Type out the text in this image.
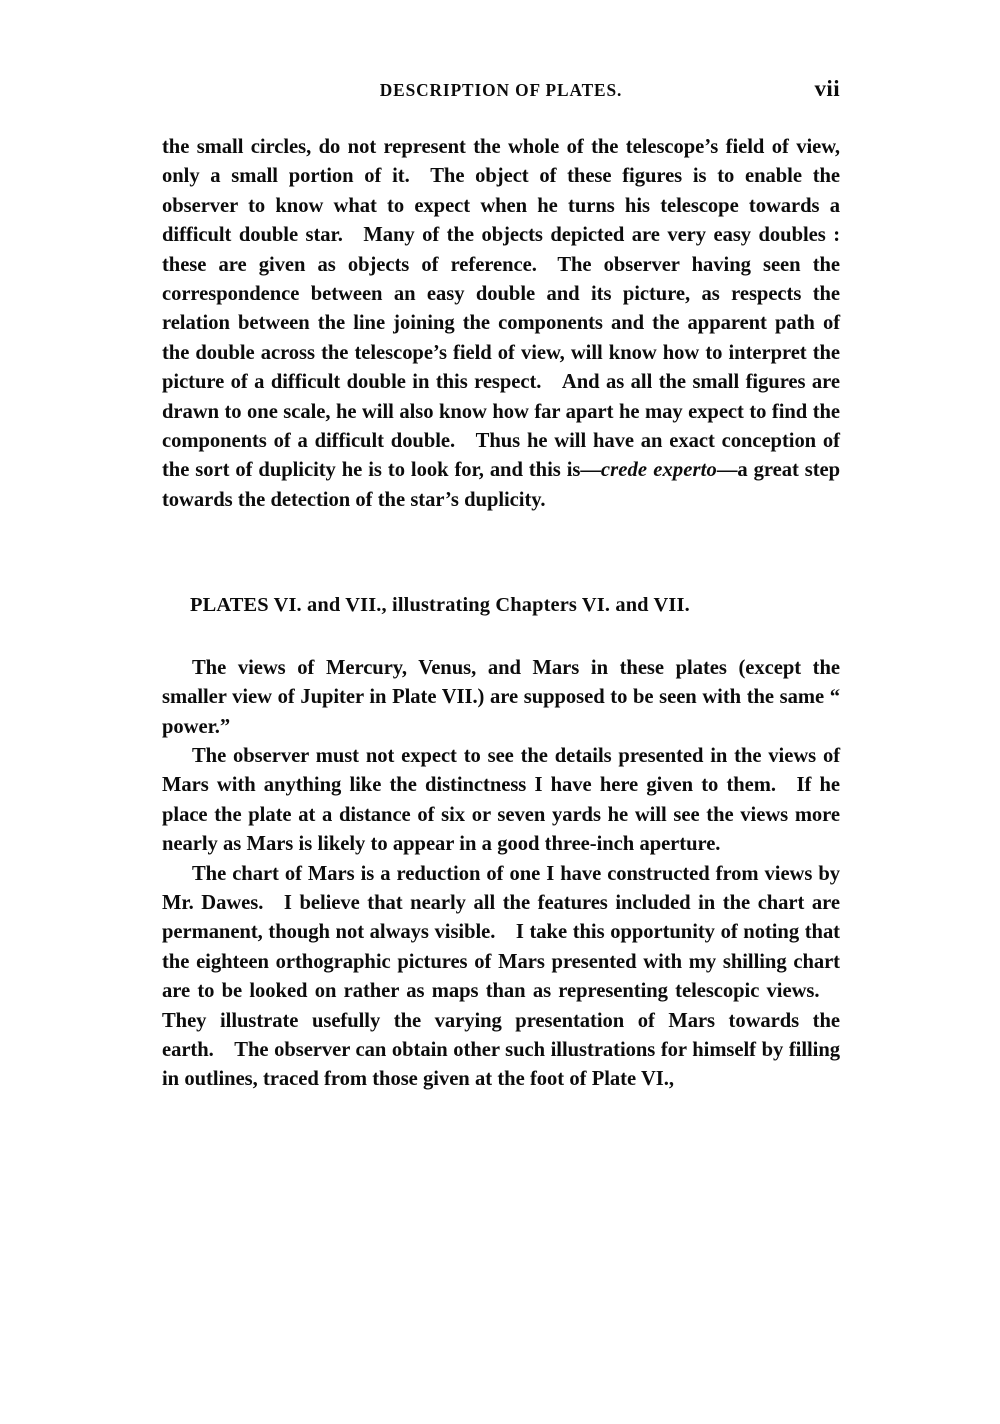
DESCRIPTION OF PLATES.	vii

the small circles, do not represent the whole of the telescope’s field of view, only a small portion of it. The object of these figures is to enable the observer to know what to expect when he turns his telescope towards a difficult double star. Many of the objects depicted are very easy doubles : these are given as objects of reference. The observer having seen the correspondence between an easy double and its picture, as respects the relation between the line joining the components and the apparent path of the double across the telescope’s field of view, will know how to interpret the picture of a difficult double in this respect. And as all the small figures are drawn to one scale, he will also know how far apart he may expect to find the components of a difficult double. Thus he will have an exact conception of the sort of duplicity he is to look for, and this is—crede experto—a great step towards the detection of the star’s duplicity.

PLATES VI. and VII., illustrating Chapters VI. and VII.

The views of Mercury, Venus, and Mars in these plates (except the smaller view of Jupiter in Plate VII.) are supposed to be seen with the same “ power.”

The observer must not expect to see the details presented in the views of Mars with anything like the distinctness I have here given to them. If he place the plate at a distance of six or seven yards he will see the views more nearly as Mars is likely to appear in a good three-inch aperture.

The chart of Mars is a reduction of one I have constructed from views by Mr. Dawes. I believe that nearly all the features included in the chart are permanent, though not always visible. I take this opportunity of noting that the eighteen orthographic pictures of Mars presented with my shilling chart are to be looked on rather as maps than as representing telescopic views. They illustrate usefully the varying presentation of Mars towards the earth. The observer can obtain other such illustrations for himself by filling in outlines, traced from those given at the foot of Plate VI.,
